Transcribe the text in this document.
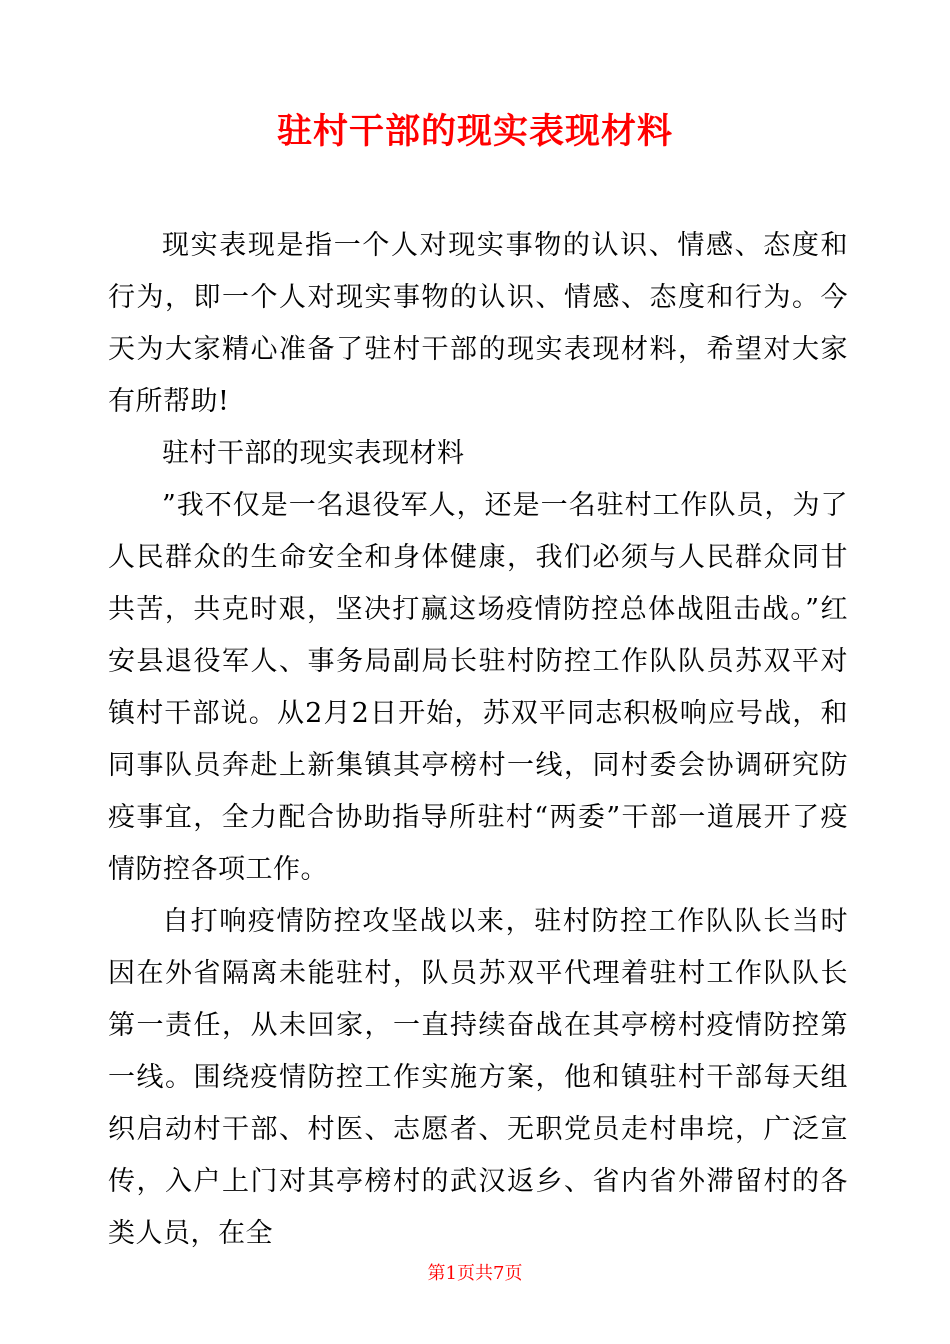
驻村干部的现实表现材料

现实表现是指一个人对现实事物的认识、情感、态度和行为，即一个人对现实事物的认识、情感、态度和行为。今天为大家精心准备了驻村干部的现实表现材料，希望对大家有所帮助!

驻村干部的现实表现材料

”我不仅是一名退役军人，还是一名驻村工作队员，为了人民群众的生命安全和身体健康，我们必须与人民群众同甘共苦，共克时艰，坚决打赢这场疫情防控总体战阻击战。”红安县退役军人、事务局副局长驻村防控工作队队员苏双平对镇村干部说。从2月2日开始，苏双平同志积极响应号战，和同事队员奔赴上新集镇其亭榜村一线，同村委会协调研究防疫事宜，全力配合协助指导所驻村“两委”干部一道展开了疫情防控各项工作。

自打响疫情防控攻坚战以来，驻村防控工作队队长当时因在外省隔离未能驻村，队员苏双平代理着驻村工作队队长第一责任，从未回家，一直持续奋战在其亭榜村疫情防控第一线。围绕疫情防控工作实施方案，他和镇驻村干部每天组织启动村干部、村医、志愿者、无职党员走村串垸，广泛宣传，入户上门对其亭榜村的武汉返乡、省内省外滞留村的各类人员，在全

第1页共7页
